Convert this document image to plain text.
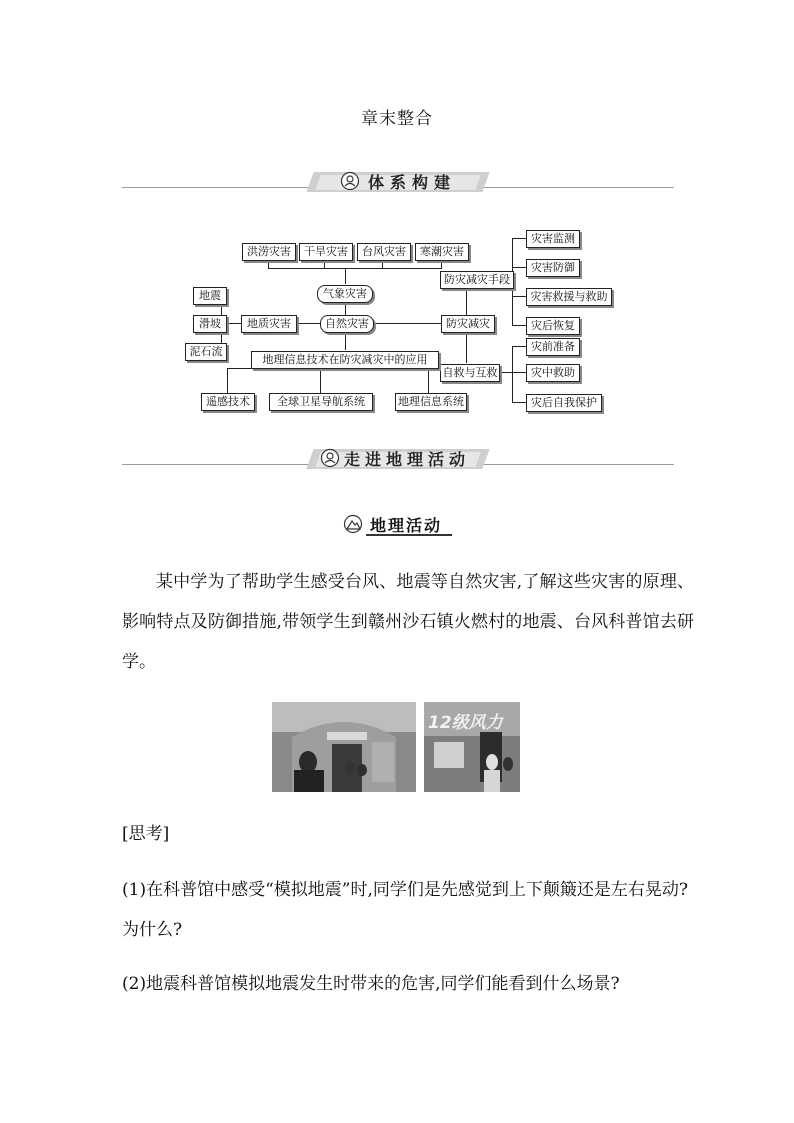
章末整合
体系构建
洪涝灾害	干旱灾害	台风灾害	寒潮灾害
气象灾害
地震
滑坡
泥石流
地质灾害	自然灾害	防灾减灾
防灾减灾手段
灾害监测
灾害防御
灾害救援与救助
灾后恢复
自救与互救
灾前准备
灾中救助
灾后自我保护
地理信息技术在防灾减灾中的应用
遥感技术	全球卫星导航系统	地理信息系统
走进地理活动
地理活动
某中学为了帮助学生感受台风、地震等自然灾害,了解这些灾害的原理、影响特点及防御措施,带领学生到赣州沙石镇火燃村的地震、台风科普馆去研学。
12级风力
[思考]
(1)在科普馆中感受“模拟地震”时,同学们是先感觉到上下颠簸还是左右晃动?为什么?
(2)地震科普馆模拟地震发生时带来的危害,同学们能看到什么场景?
